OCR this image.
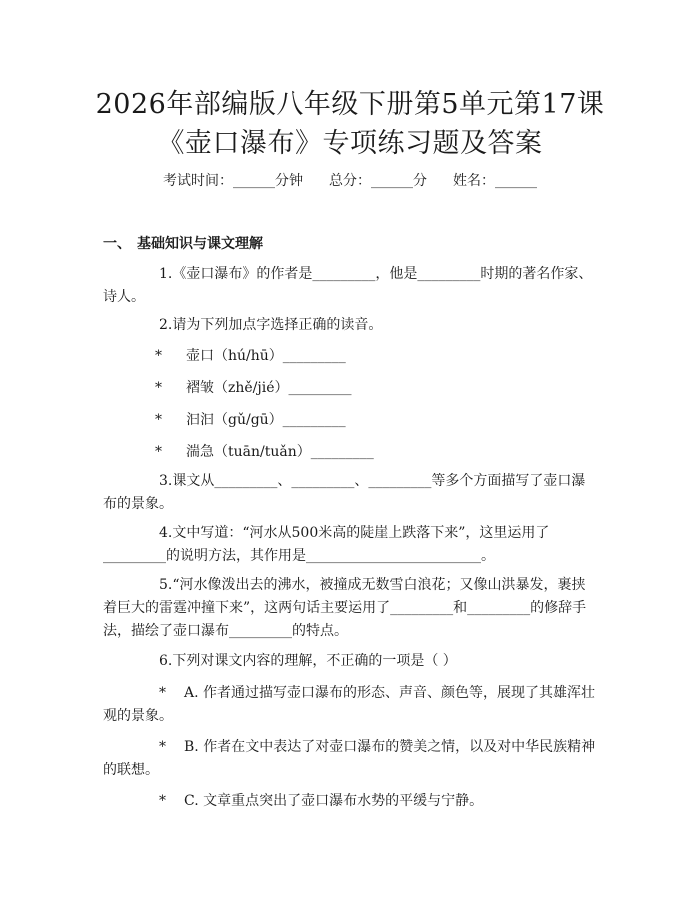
2026年部编版八年级下册第5单元第17课
《壶口瀑布》专项练习题及答案
考试时间：______分钟 总分：______分 姓名：______
一、 基础知识与课文理解

1.《壶口瀑布》的作者是_________，他是_________时期的著名作家、诗人。

2.请为下列加点字选择正确的读音。

* 壶口（hú/hū）_________
* 褶皱（zhě/jié）_________
* 汩汩（gǔ/gū）_________
* 湍急（tuān/tuǎn）_________

3.课文从_________、_________、_________等多个方面描写了壶口瀑布的景象。

4.文中写道：“河水从500米高的陡崖上跌落下来”，这里运用了_________的说明方法，其作用是_________________________。

5.“河水像泼出去的沸水，被撞成无数雪白浪花；又像山洪暴发，裹挟着巨大的雷霆冲撞下来”，这两句话主要运用了_________和_________的修辞手法，描绘了壶口瀑布_________的特点。

6.下列对课文内容的理解，不正确的一项是（ ）

* A. 作者通过描写壶口瀑布的形态、声音、颜色等，展现了其雄浑壮观的景象。

* B. 作者在文中表达了对壶口瀑布的赞美之情，以及对中华民族精神的联想。

* C. 文章重点突出了壶口瀑布水势的平缓与宁静。
